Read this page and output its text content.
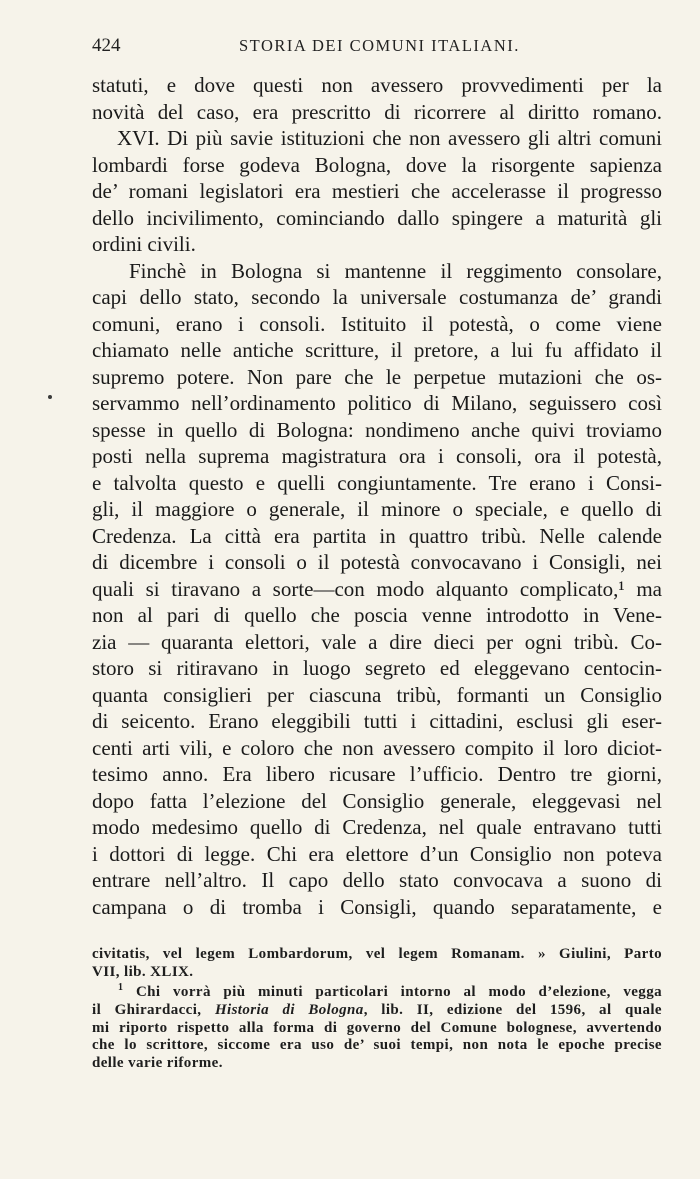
424	STORIA DEI COMUNI ITALIANI.
statuti, e dove questi non avessero provvedimenti per la
novità del caso, era prescritto di ricorrere al diritto romano.
XVI. Di più savie istituzioni che non avessero gli altri comuni
lombardi forse godeva Bologna, dove la risorgente sapienza
de’ romani legislatori era mestieri che accelerasse il progresso
dello incivilimento, cominciando dallo spingere a maturità gli
ordini civili.
Finchè in Bologna si mantenne il reggimento consolare,
capi dello stato, secondo la universale costumanza de’ grandi
comuni, erano i consoli. Istituito il potestà, o come viene
chiamato nelle antiche scritture, il pretore, a lui fu affidato il
supremo potere. Non pare che le perpetue mutazioni che os-
servammo nell’ordinamento politico di Milano, seguissero così
spesse in quello di Bologna: nondimeno anche quivi troviamo
posti nella suprema magistratura ora i consoli, ora il potestà,
e talvolta questo e quelli congiuntamente. Tre erano i Consi-
gli, il maggiore o generale, il minore o speciale, e quello di
Credenza. La città era partita in quattro tribù. Nelle calende
di dicembre i consoli o il potestà convocavano i Consigli, nei
quali si tiravano a sorte—con modo alquanto complicato,¹ ma
non al pari di quello che poscia venne introdotto in Vene-
zia — quaranta elettori, vale a dire dieci per ogni tribù. Co-
storo si ritiravano in luogo segreto ed eleggevano centocin-
quanta consiglieri per ciascuna tribù, formanti un Consiglio
di seicento. Erano eleggibili tutti i cittadini, esclusi gli eser-
centi arti vili, e coloro che non avessero compito il loro diciot-
tesimo anno. Era libero ricusare l’ufficio. Dentro tre giorni,
dopo fatta l’elezione del Consiglio generale, eleggevasi nel
modo medesimo quello di Credenza, nel quale entravano tutti
i dottori di legge. Chi era elettore d’un Consiglio non poteva
entrare nell’altro. Il capo dello stato convocava a suono di
campana o di tromba i Consigli, quando separatamente, e
civitatis, vel legem Lombardorum, vel legem Romanam. » Giulini, Parto
VII, lib. XLIX.
$^1$ Chi vorrà più minuti particolari intorno al modo d’elezione, vegga
il Ghirardacci, Historia di Bologna, lib. II, edizione del 1596, al quale
mi riporto rispetto alla forma di governo del Comune bolognese, avvertendo
che lo scrittore, siccome era uso de’ suoi tempi, non nota le epoche precise
delle varie riforme.
